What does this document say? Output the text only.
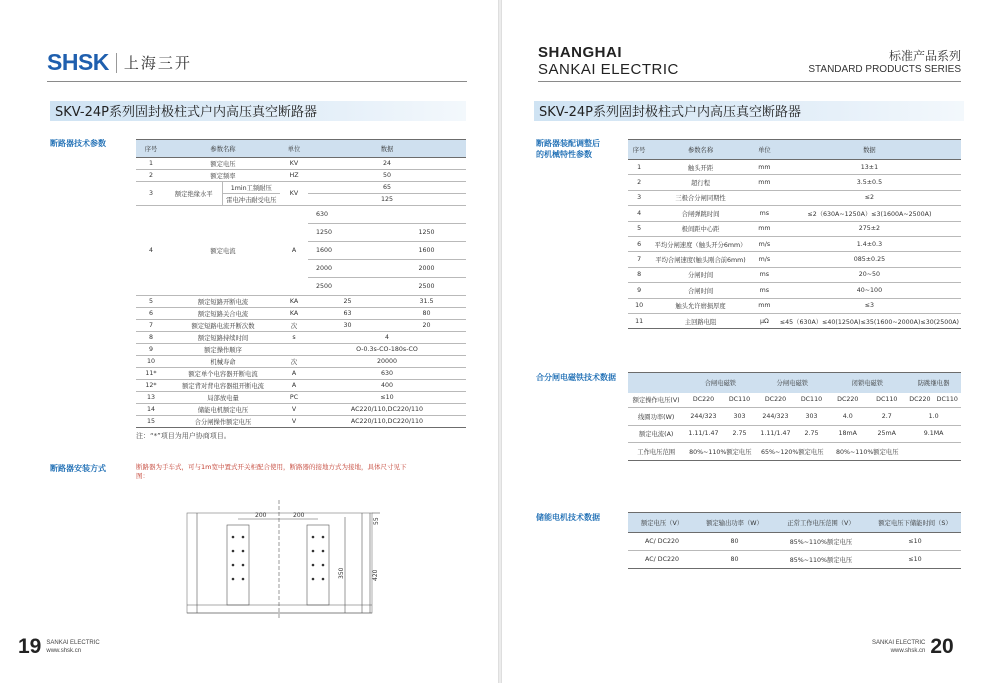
SHSK 上海三开
SKV-24P系列固封极柱式户内高压真空断路器
断路器技术参数
序号	参数名称		单位	数据	
1	额定电压		KV	24	
2	额定频率		HZ	50	
3	额定绝缘水平	1min工频耐压	KV	65	
		雷电冲击耐受电压		125	
4	额定电流		A	630	
				1250	1250
				1600	1600
				2000	2000
				2500	2500
5	额定短路开断电流		KA	25	31.5
6	额定短路关合电流		KA	63	80
7	额定短路电流开断次数		次	30	20
8	额定短路持续时间		s	4	
9	额定操作顺序			O-0.3s-CO-180s-CO	
10	机械寿命		次	20000	
11*	额定单个电容器开断电流		A	630	
12*	额定背对背电容器组开断电流		A	400	
13	局部放电量		PC	≤10	
14	储能电机额定电压		V	AC220/110,DC220/110	
15	合分闸操作额定电压		V	AC220/110,DC220/110	
注：“*”项目为用户协商项目。
断路器安装方式	断路器为手车式，可与1m宽中置式开关柜配合使用，断路器的接地方式为接地，具体尺寸见下图：
200	200
350	420
55
19 SANKAI ELECTRIC
www.shsk.cn
SHANGHAI
SANKAI ELECTRIC
标准产品系列
STANDARD PRODUCTS SERIES
SKV-24P系列固封极柱式户内高压真空断路器
断路器装配调整后
的机械特性参数	序号	参数名称	单位	数据
1	触头开距	mm	13±1
2	超行程	mm	3.5±0.5
3	三极合分闸同期性		≤2
4	合闸弹跳时间	ms	≤2（630A~1250A）≤3(1600A~2500A)
5	极间距中心距	mm	275±2
6	平均分闸速度（触头开分6mm）	m/s	1.4±0.3
7	平均合闸速度(触头刚合前6mm)	m/s	085±0.25
8	分闸时间	ms	20~50
9	合闸时间	ms	40~100
10	触头允许磨损厚度	mm	≤3
11	主回路电阻	μΩ	≤45（630A）≤40(1250A)≤35(1600~2000A)≤30(2500A)
合分闸电磁铁技术数据
	合闸电磁铁		分闸电磁铁		闭锁电磁铁		防跳继电器	
额定操作电压(V)	DC220	DC110	DC220	DC110	DC220	DC110	DC220	DC110
线圈功率(W)	244/323	303	244/323	303	4.0	2.7	1.0	
额定电流(A)	1.11/1.47	2.75	1.11/1.47	2.75	18mA	25mA	9.1MA	
工作电压范围	80%~110%额定电压		65%~120%额定电压		80%~110%额定电压			
储能电机技术数据
额定电压（V）	额定输出功率（W）	正常工作电压范围（V）	额定电压下储能时间（S）
AC/ DC220	80	85%~110%额定电压	≤10
AC/ DC220	80	85%~110%额定电压	≤10
SANKAI ELECTRIC
www.shsk.cn 20
